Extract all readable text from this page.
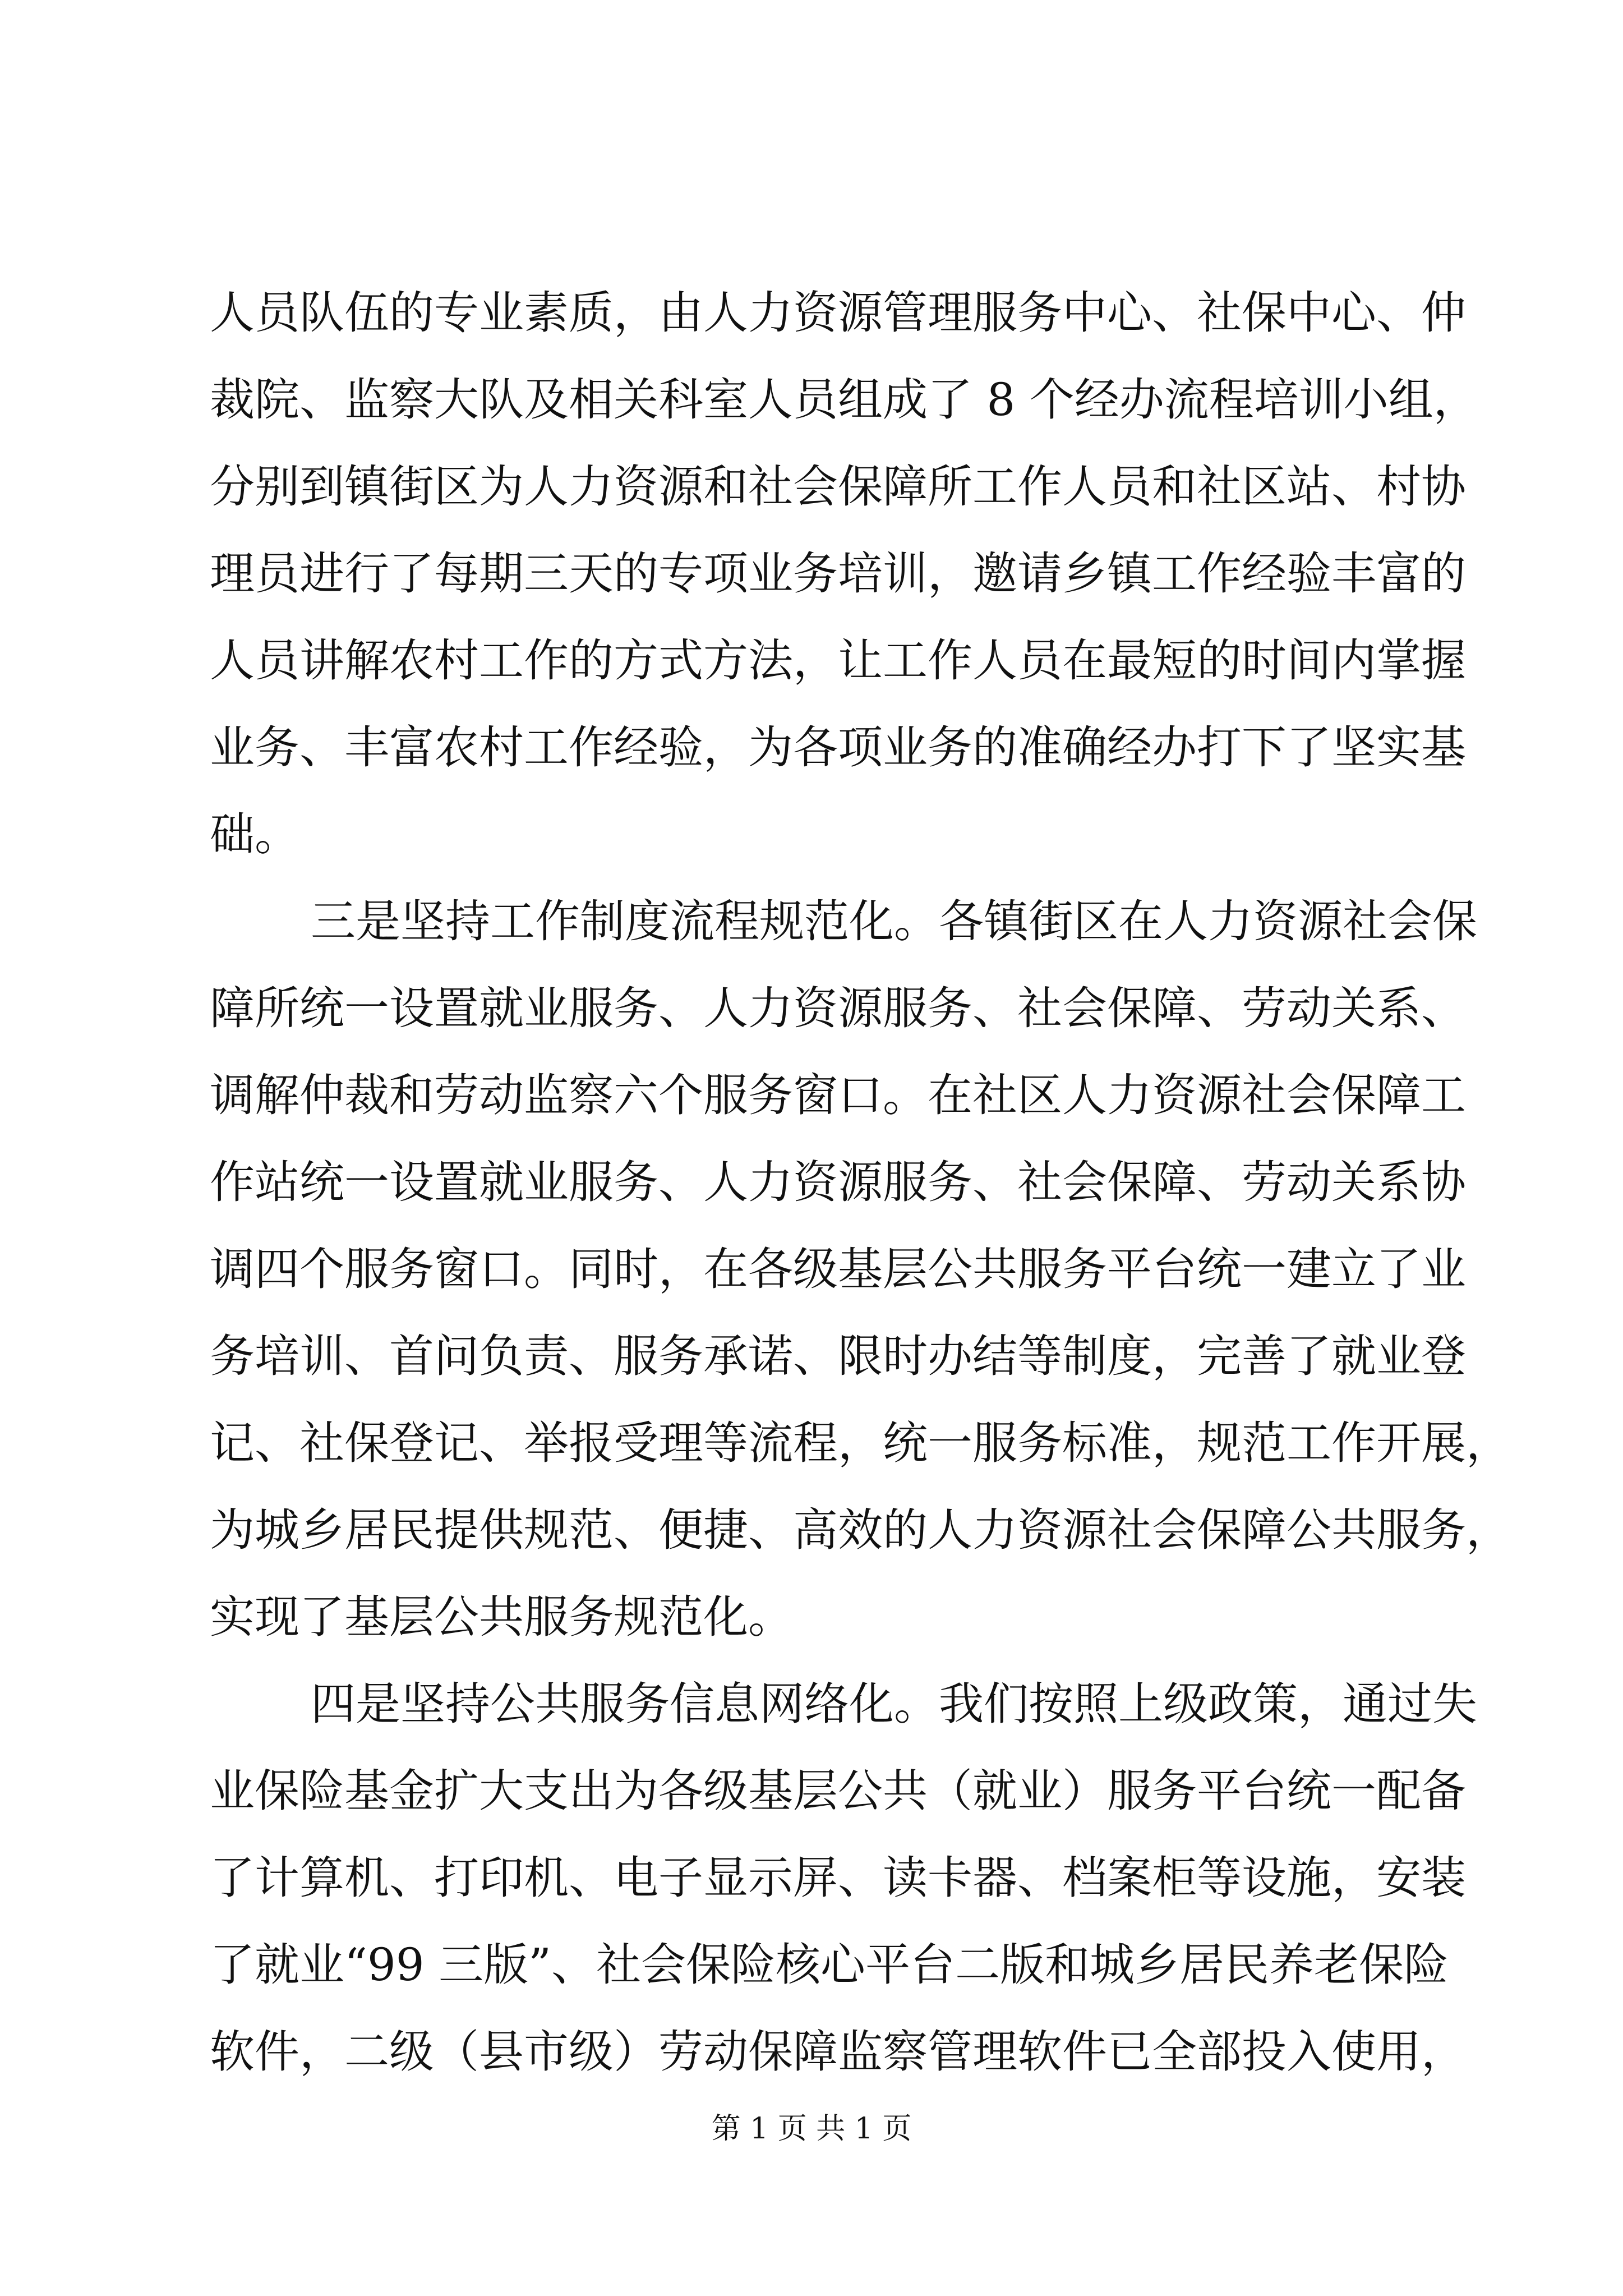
人员队伍的专业素质，由人力资源管理服务中心、社保中心、仲
裁院、监察大队及相关科室人员组成了 8 个经办流程培训小组，
分别到镇街区为人力资源和社会保障所工作人员和社区站、村协
理员进行了每期三天的专项业务培训，邀请乡镇工作经验丰富的
人员讲解农村工作的方式方法，让工作人员在最短的时间内掌握
业务、丰富农村工作经验，为各项业务的准确经办打下了坚实基
础。
三是坚持工作制度流程规范化。各镇街区在人力资源社会保
障所统一设置就业服务、人力资源服务、社会保障、劳动关系、
调解仲裁和劳动监察六个服务窗口。在社区人力资源社会保障工
作站统一设置就业服务、人力资源服务、社会保障、劳动关系协
调四个服务窗口。同时，在各级基层公共服务平台统一建立了业
务培训、首问负责、服务承诺、限时办结等制度，完善了就业登
记、社保登记、举报受理等流程，统一服务标准，规范工作开展，
为城乡居民提供规范、便捷、高效的人力资源社会保障公共服务，
实现了基层公共服务规范化。
四是坚持公共服务信息网络化。我们按照上级政策，通过失
业保险基金扩大支出为各级基层公共（就业）服务平台统一配备
了计算机、打印机、电子显示屏、读卡器、档案柜等设施，安装
了就业“99 三版”、社会保险核心平台二版和城乡居民养老保险
软件，二级（县市级）劳动保障监察管理软件已全部投入使用，
第 1 页 共 1 页
